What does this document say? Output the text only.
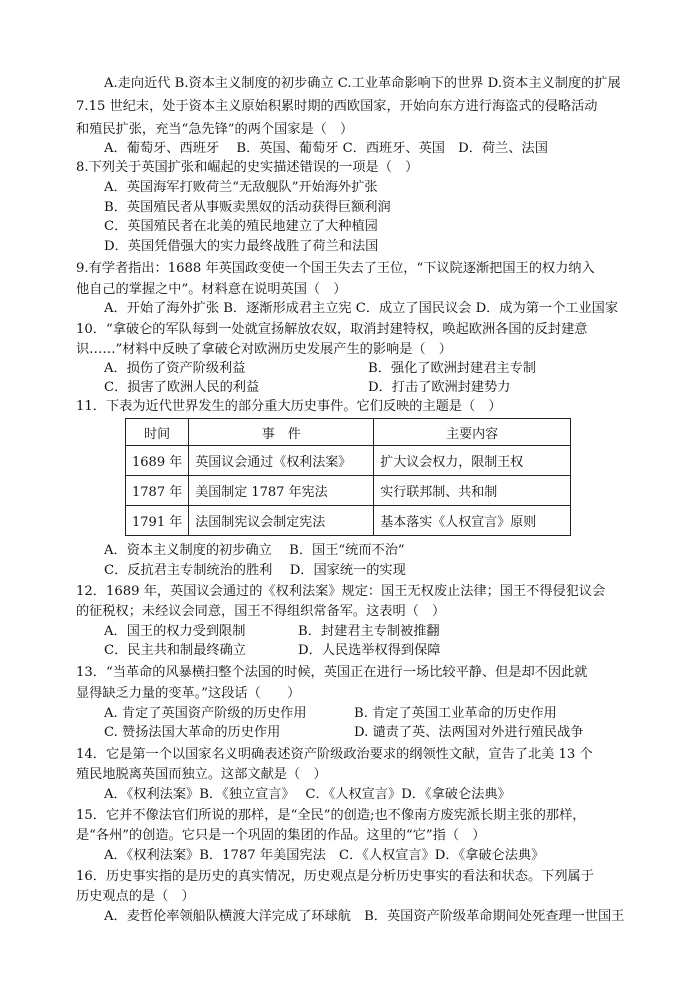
A.走向近代 B.资本主义制度的初步确立 C.工业革命影响下的世界 D.资本主义制度的扩展
7.15 世纪末，处于资本主义原始积累时期的西欧国家，开始向东方进行海盗式的侵略活动
和殖民扩张，充当“急先锋”的两个国家是（　）
A．葡萄牙、西班牙　 B．英国、葡萄牙 C．西班牙、英国　D．荷兰、法国
8.下列关于英国扩张和崛起的史实描述错误的一项是（　）
A．英国海军打败荷兰“无敌舰队”开始海外扩张
B．英国殖民者从事贩卖黑奴的活动获得巨额利润
C．英国殖民者在北美的殖民地建立了大种植园
D．英国凭借强大的实力最终战胜了荷兰和法国
9.有学者指出：1688 年英国政变使一个国王失去了王位，“下议院逐渐把国王的权力纳入
他自己的掌握之中”。材料意在说明英国（　）
A．开始了海外扩张 B．逐渐形成君主立宪 C．成立了国民议会 D．成为第一个工业国家
10．“拿破仑的军队每到一处就宣扬解放农奴，取消封建特权，唤起欧洲各国的反封建意
识……”材料中反映了拿破仑对欧洲历史发展产生的影响是（　）
A．损伤了资产阶级利益	B．强化了欧洲封建君主专制
C．损害了欧洲人民的利益	D．打击了欧洲封建势力
11．下表为近代世界发生的部分重大历史事件。它们反映的主题是（　）
时间	事　件	主要内容
1689 年	英国议会通过《权利法案》	扩大议会权力，限制王权
1787 年	美国制定 1787 年宪法	实行联邦制、共和制
1791 年	法国制宪议会制定宪法	基本落实《人权宣言》原则
A．资本主义制度的初步确立　 B．国王“统而不治”
C．反抗君主专制统治的胜利　 D．国家统一的实现
12．1689 年，英国议会通过的《权利法案》规定：国王无权废止法律；国王不得侵犯议会
的征税权；未经议会同意，国王不得组织常备军。这表明（　）
A．国王的权力受到限制	B．封建君主专制被推翻
C．民主共和制最终确立	D．人民选举权得到保障
13．“当革命的风暴横扫整个法国的时候，英国正在进行一场比较平静、但是却不因此就
显得缺乏力量的变革。”这段话（　　）
A. 肯定了英国资产阶级的历史作用	B. 肯定了英国工业革命的历史作用
C. 赞扬法国大革命的历史作用	D. 谴责了英、法两国对外进行殖民战争
14．它是第一个以国家名义明确表述资产阶级政治要求的纲领性文献，宣告了北美 13 个
殖民地脱离英国而独立。这部文献是（　）
A．《权利法案》B．《独立宣言》　 C．《人权宣言》D．《拿破仑法典》
15．它并不像法官们所说的那样，是“全民”的创造;也不像南方废宪派长期主张的那样，
是“各州”的创造。它只是一个巩固的集团的作品。这里的“它”指（　）
A．《权利法案》B．1787 年美国宪法　C．《人权宣言》D．《拿破仑法典》
16．历史事实指的是历史的真实情况，历史观点是分析历史事实的看法和状态。下列属于
历史观点的是（　）
A．麦哲伦率领船队横渡大洋完成了环球航　B．英国资产阶级革命期间处死查理一世国王
